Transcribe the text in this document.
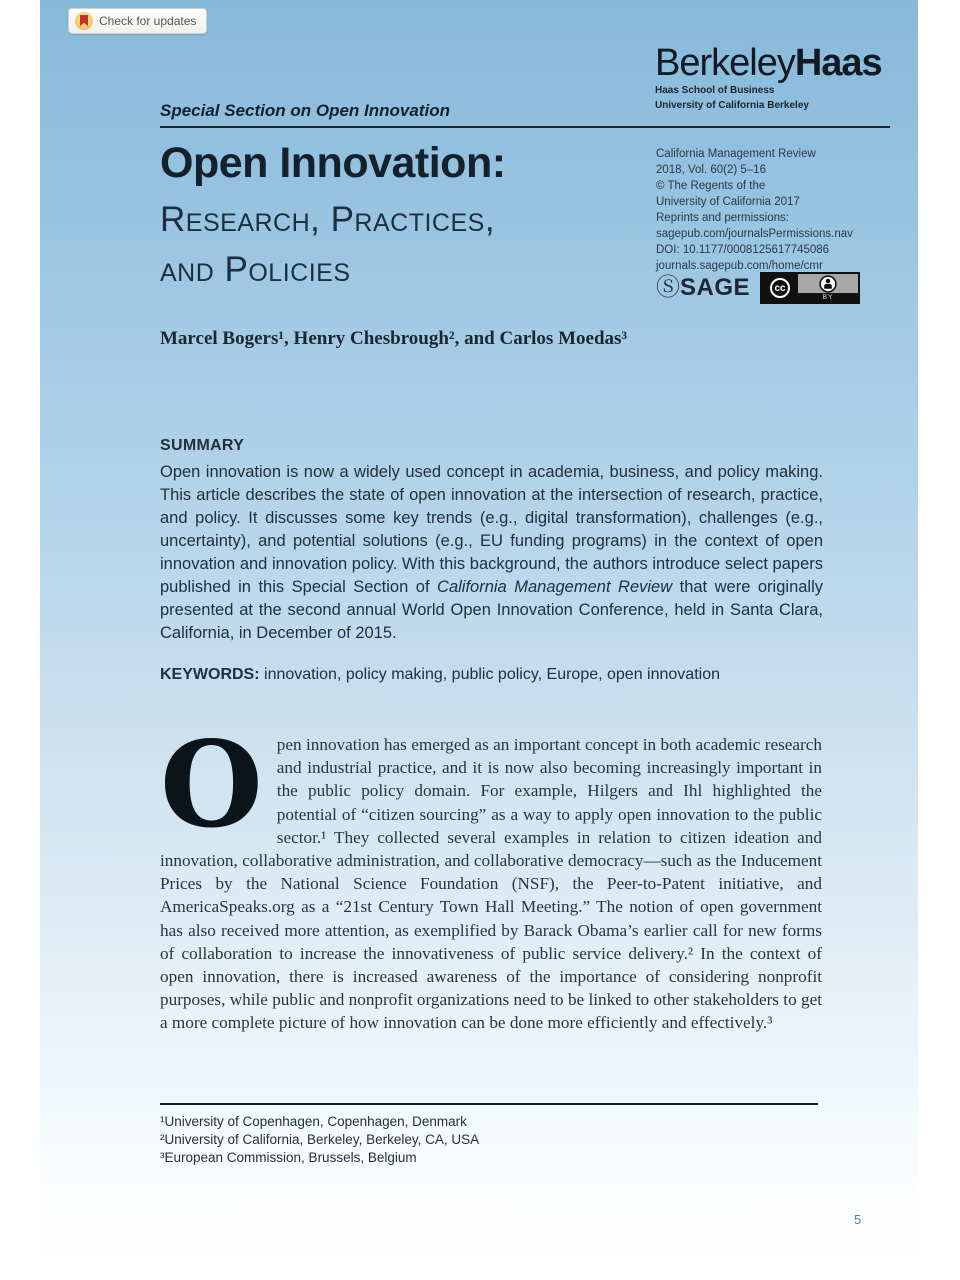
Check for updates
BerkeleyHaas
Haas School of Business
University of California Berkeley
Special Section on Open Innovation
Open Innovation:
Research, Practices,
and Policies
California Management Review
2018, Vol. 60(2) 5–16
© The Regents of the
University of California 2017
Reprints and permissions:
sagepub.com/journalsPermissions.nav
DOI: 10.1177/0008125617745086
journals.sagepub.com/home/cmr
Ⓢ SAGE	cc
BY
Marcel Bogers¹, Henry Chesbrough², and Carlos Moedas³
SUMMARY

Open innovation is now a widely used concept in academia, business, and policy making. This article describes the state of open innovation at the intersection of research, practice, and policy. It discusses some key trends (e.g., digital transformation), challenges (e.g., uncertainty), and potential solutions (e.g., EU funding programs) in the context of open innovation and innovation policy. With this background, the authors introduce select papers published in this Special Section of California Management Review that were originally presented at the second annual World Open Innovation Conference, held in Santa Clara, California, in December of 2015.

KEYWORDS: innovation, policy making, public policy, Europe, open innovation

Open innovation has emerged as an important concept in both academic research and industrial practice, and it is now also becoming increasingly important in the public policy domain. For example, Hilgers and Ihl highlighted the potential of “citizen sourcing” as a way to apply open innovation to the public sector.¹ They collected several examples in relation to citizen ideation and innovation, collaborative administration, and collaborative democracy—such as the Inducement Prices by the National Science Foundation (NSF), the Peer-to-Patent initiative, and AmericaSpeaks.org as a “21st Century Town Hall Meeting.” The notion of open government has also received more attention, as exemplified by Barack Obama’s earlier call for new forms of collaboration to increase the innovativeness of public service delivery.² In the context of open innovation, there is increased awareness of the importance of considering nonprofit purposes, while public and nonprofit organizations need to be linked to other stakeholders to get a more complete picture of how innovation can be done more efficiently and effectively.³

¹University of Copenhagen, Copenhagen, Denmark
²University of California, Berkeley, Berkeley, CA, USA
³European Commission, Brussels, Belgium
5
